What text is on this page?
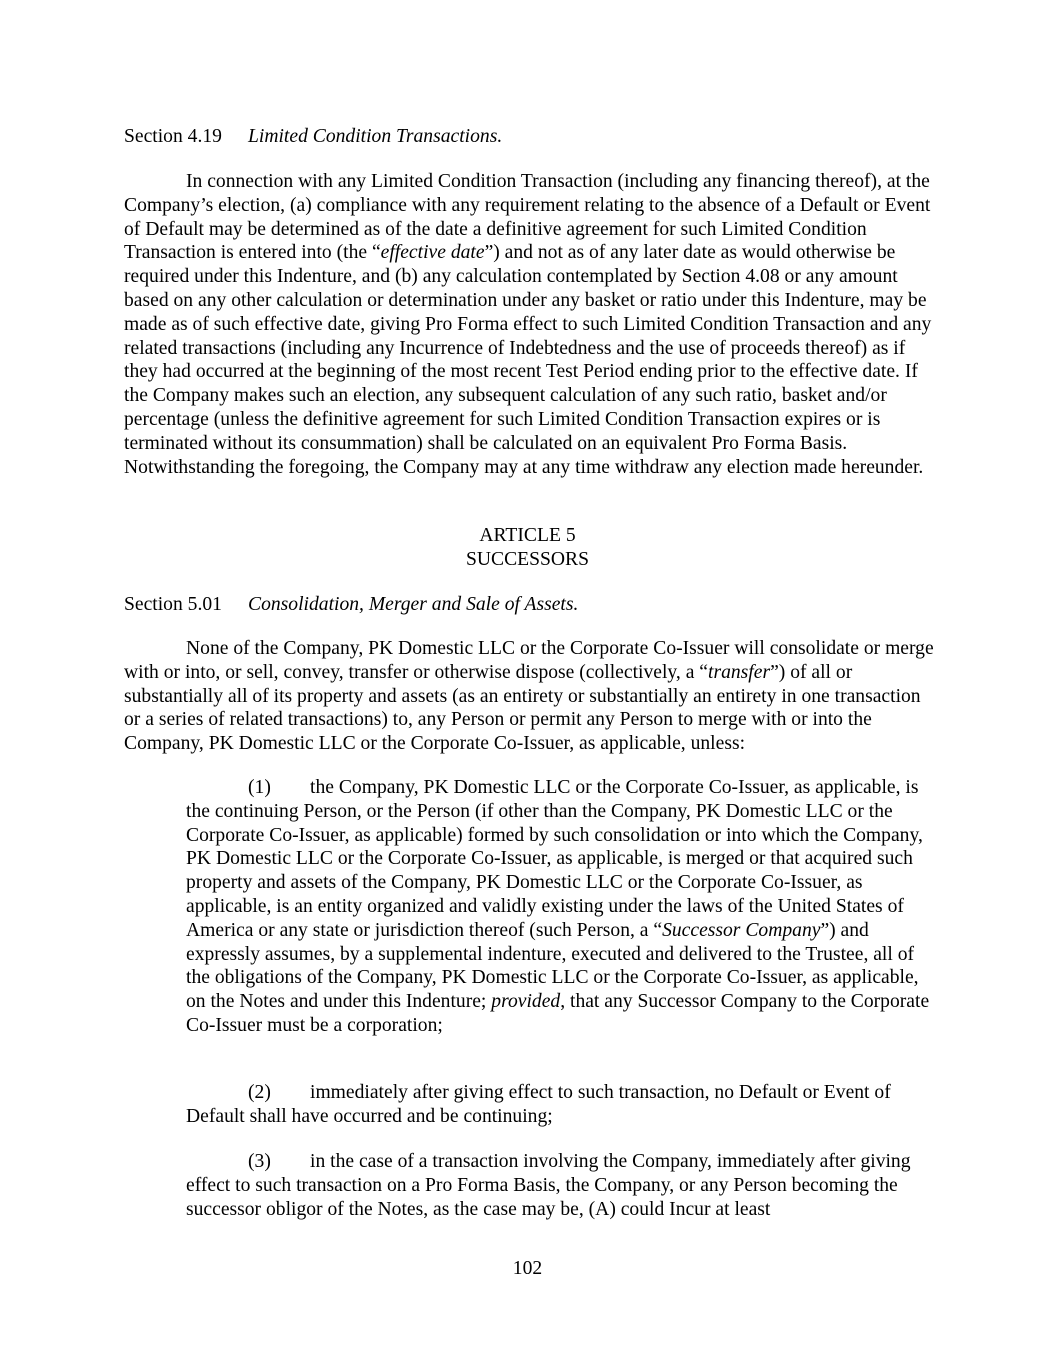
Section 4.19 Limited Condition Transactions.

In connection with any Limited Condition Transaction (including any financing thereof), at the Company’s election, (a) compliance with any requirement relating to the absence of a Default or Event of Default may be determined as of the date a definitive agreement for such Limited Condition Transaction is entered into (the “effective date”) and not as of any later date as would otherwise be required under this Indenture, and (b) any calculation contemplated by Section 4.08 or any amount based on any other calculation or determination under any basket or ratio under this Indenture, may be made as of such effective date, giving Pro Forma effect to such Limited Condition Transaction and any related transactions (including any Incurrence of Indebtedness and the use of proceeds thereof) as if they had occurred at the beginning of the most recent Test Period ending prior to the effective date. If the Company makes such an election, any subsequent calculation of any such ratio, basket and/or percentage (unless the definitive agreement for such Limited Condition Transaction expires or is terminated without its consummation) shall be calculated on an equivalent Pro Forma Basis. Notwithstanding the foregoing, the Company may at any time withdraw any election made hereunder.

ARTICLE 5
SUCCESSORS
Section 5.01 Consolidation, Merger and Sale of Assets.

None of the Company, PK Domestic LLC or the Corporate Co-Issuer will consolidate or merge with or into, or sell, convey, transfer or otherwise dispose (collectively, a “transfer”) of all or substantially all of its property and assets (as an entirety or substantially an entirety in one transaction or a series of related transactions) to, any Person or permit any Person to merge with or into the Company, PK Domestic LLC or the Corporate Co-Issuer, as applicable, unless:

(1) the Company, PK Domestic LLC or the Corporate Co-Issuer, as applicable, is the continuing Person, or the Person (if other than the Company, PK Domestic LLC or the Corporate Co-Issuer, as applicable) formed by such consolidation or into which the Company, PK Domestic LLC or the Corporate Co-Issuer, as applicable, is merged or that acquired such property and assets of the Company, PK Domestic LLC or the Corporate Co-Issuer, as applicable, is an entity organized and validly existing under the laws of the United States of America or any state or jurisdiction thereof (such Person, a “Successor Company”) and expressly assumes, by a supplemental indenture, executed and delivered to the Trustee, all of the obligations of the Company, PK Domestic LLC or the Corporate Co-Issuer, as applicable, on the Notes and under this Indenture; provided, that any Successor Company to the Corporate Co-Issuer must be a corporation;

(2) immediately after giving effect to such transaction, no Default or Event of Default shall have occurred and be continuing;

(3) in the case of a transaction involving the Company, immediately after giving effect to such transaction on a Pro Forma Basis, the Company, or any Person becoming the successor obligor of the Notes, as the case may be, (A) could Incur at least

102
